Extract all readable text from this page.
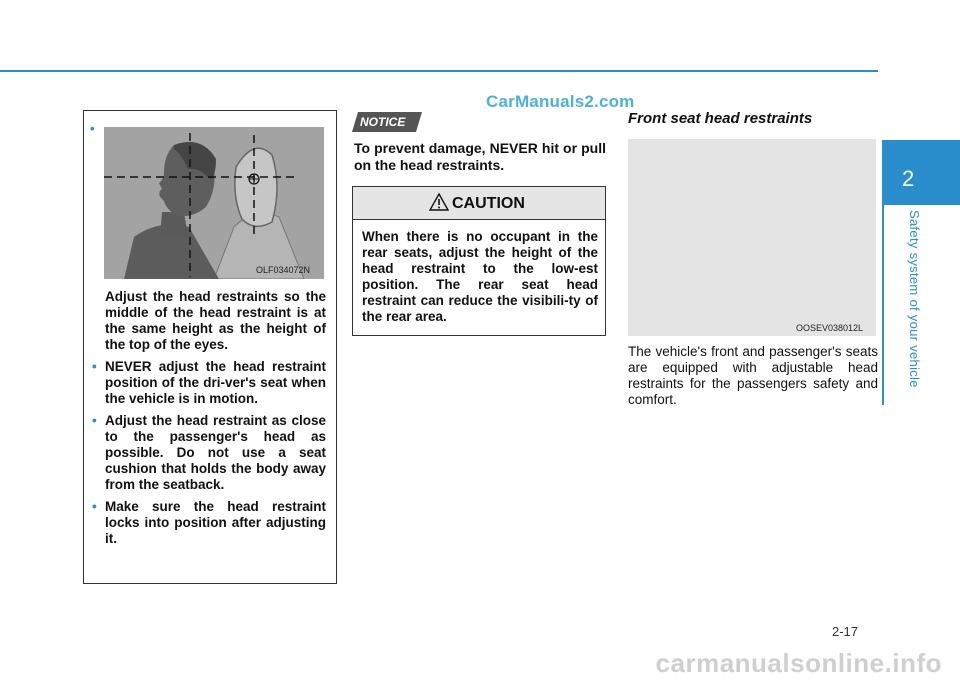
CarManuals2.com
2
Safety system of your vehicle
•
OLF034072N
Adjust the head restraints so the middle of the head restraint is at the same height as the height of the top of the eyes.
• NEVER adjust the head restraint position of the dri-ver's seat when the vehicle is in motion.
• Adjust the head restraint as close to the passenger's head as possible. Do not use a seat cushion that holds the body away from the seatback.
• Make sure the head restraint locks into position after adjusting it.
NOTICE
To prevent damage, NEVER hit or pull on the head restraints.
CAUTION
When there is no occupant in the rear seats, adjust the height of the head restraint to the low-est position. The rear seat head restraint can reduce the visibili-ty of the rear area.
Front seat head restraints
OOSEV038012L
The vehicle's front and passenger's seats are equipped with adjustable head restraints for the passengers safety and comfort.
2-17
carmanualsonline.info
